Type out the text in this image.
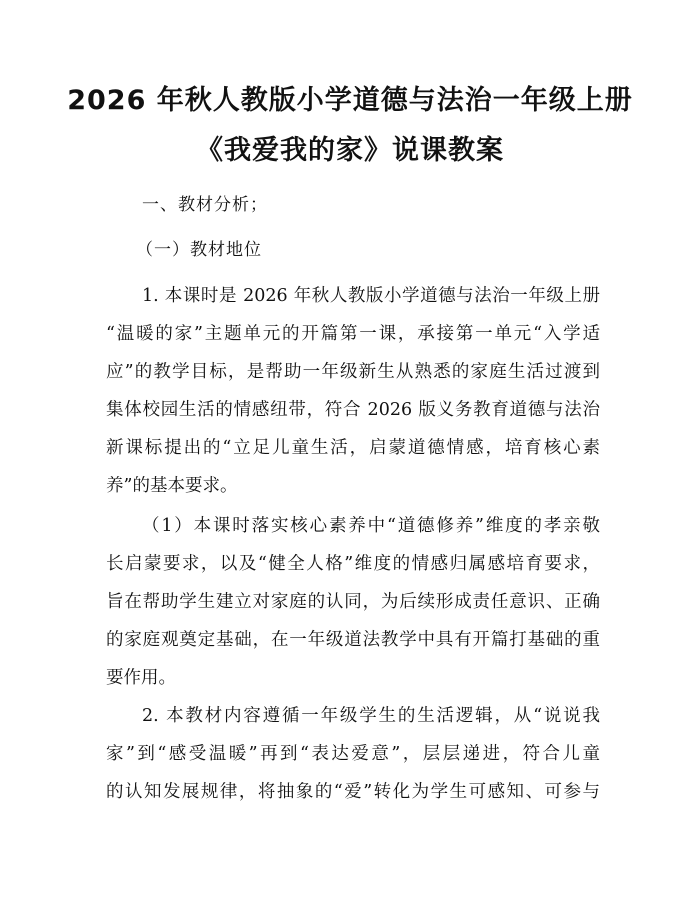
2026 年秋人教版小学道德与法治一年级上册
《我爱我的家》说课教案
一、教材分析；
（一）教材地位
1. 本课时是 2026 年秋人教版小学道德与法治一年级上册
“温暖的家”主题单元的开篇第一课，承接第一单元“入学适
应”的教学目标，是帮助一年级新生从熟悉的家庭生活过渡到
集体校园生活的情感纽带，符合 2026 版义务教育道德与法治
新课标提出的“立足儿童生活，启蒙道德情感，培育核心素
养”的基本要求。
（1）本课时落实核心素养中“道德修养”维度的孝亲敬
长启蒙要求，以及“健全人格”维度的情感归属感培育要求，
旨在帮助学生建立对家庭的认同，为后续形成责任意识、正确
的家庭观奠定基础，在一年级道法教学中具有开篇打基础的重
要作用。
2. 本教材内容遵循一年级学生的生活逻辑，从“说说我
家”到“感受温暖”再到“表达爱意”，层层递进，符合儿童
的认知发展规律，将抽象的“爱”转化为学生可感知、可参与
